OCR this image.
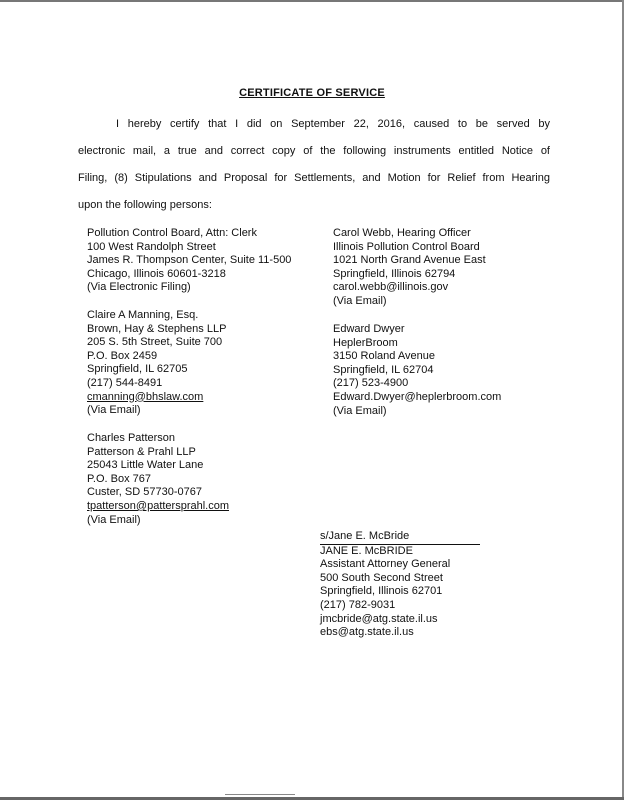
CERTIFICATE OF SERVICE
I hereby certify that I did on September 22, 2016, caused to be served by
electronic mail, a true and correct copy of the following instruments entitled Notice of
Filing, (8) Stipulations and Proposal for Settlements, and Motion for Relief from Hearing
upon the following persons:
Pollution Control Board, Attn: Clerk
100 West Randolph Street
James R. Thompson Center, Suite 11-500
Chicago, Illinois 60601-3218
(Via Electronic Filing)
Claire A Manning, Esq.
Brown, Hay & Stephens LLP
205 S. 5th Street, Suite 700
P.O. Box 2459
Springfield, IL 62705
(217) 544-8491
cmanning@bhslaw.com
(Via Email)
Charles Patterson
Patterson & Prahl LLP
25043 Little Water Lane
P.O. Box 767
Custer, SD 57730-0767
tpatterson@pattersprahl.com
(Via Email)
Carol Webb, Hearing Officer
Illinois Pollution Control Board
1021 North Grand Avenue East
Springfield, Illinois 62794
carol.webb@illinois.gov
(Via Email)
Edward Dwyer
HeplerBroom
3150 Roland Avenue
Springfield, IL 62704
(217) 523-4900
Edward.Dwyer@heplerbroom.com
(Via Email)
s/Jane E. McBride
JANE E. McBRIDE
Assistant Attorney General
500 South Second Street
Springfield, Illinois 62701
(217) 782-9031
jmcbride@atg.state.il.us
ebs@atg.state.il.us
